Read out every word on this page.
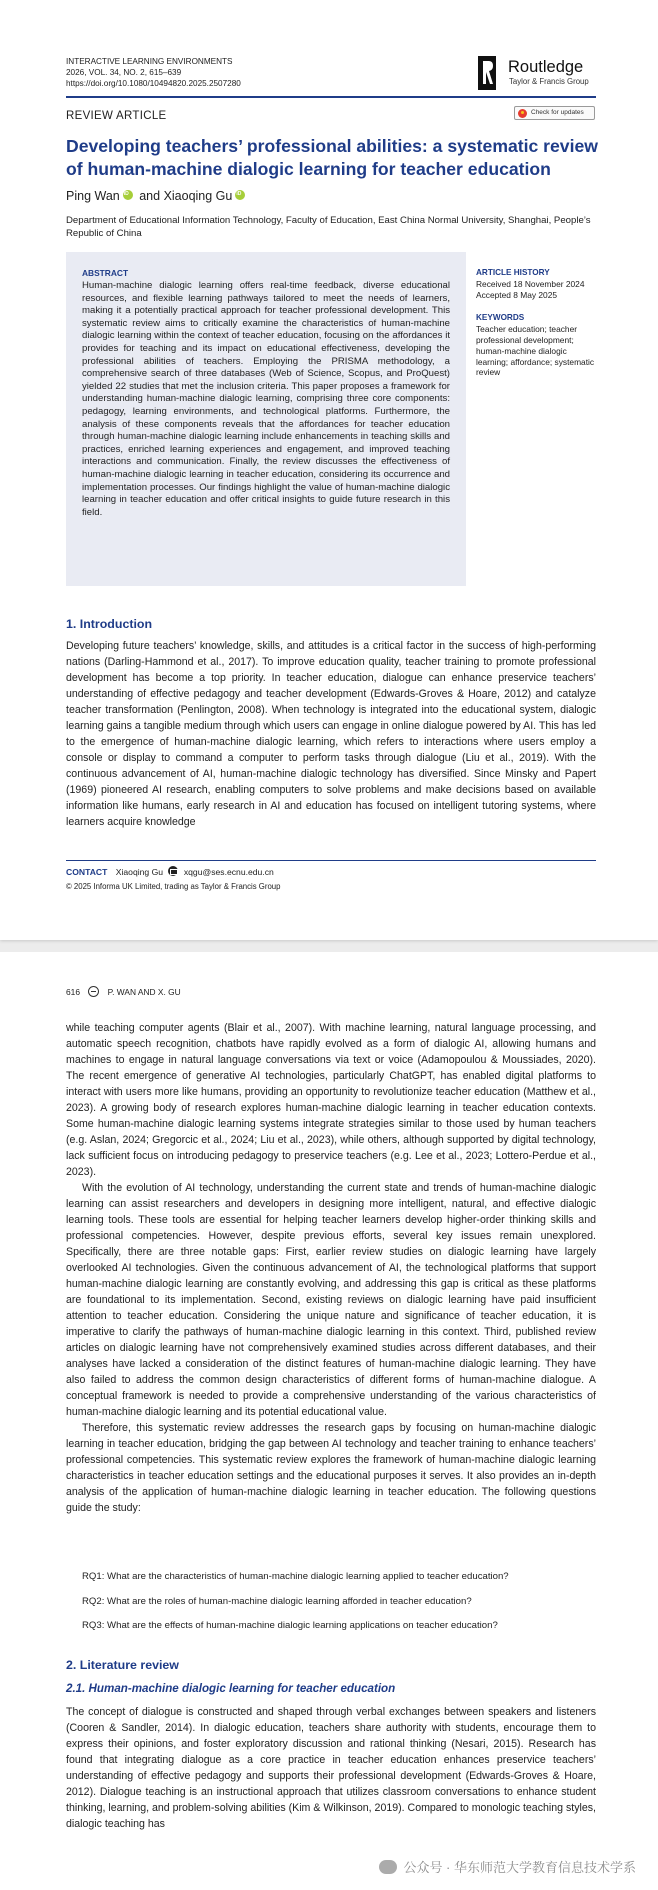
INTERACTIVE LEARNING ENVIRONMENTS
2026, VOL. 34, NO. 2, 615–639
https://doi.org/10.1080/10494820.2025.2507280
Routledge
Taylor & Francis Group
REVIEW ARTICLE	Check for updates
Developing teachers’ professional abilities: a systematic review of human-machine dialogic learning for teacher education
Ping WaniD and Xiaoqing GuiD
Department of Educational Information Technology, Faculty of Education, East China Normal University, Shanghai, People’s Republic of China
ABSTRACT
Human-machine dialogic learning offers real-time feedback, diverse educational resources, and flexible learning pathways tailored to meet the needs of learners, making it a potentially practical approach for teacher professional development. This systematic review aims to critically examine the characteristics of human-machine dialogic learning within the context of teacher education, focusing on the affordances it provides for teaching and its impact on educational effectiveness, developing the professional abilities of teachers. Employing the PRISMA methodology, a comprehensive search of three databases (Web of Science, Scopus, and ProQuest) yielded 22 studies that met the inclusion criteria. This paper proposes a framework for understanding human-machine dialogic learning, comprising three core components: pedagogy, learning environments, and technological platforms. Furthermore, the analysis of these components reveals that the affordances for teacher education through human-machine dialogic learning include enhancements in teaching skills and practices, enriched learning experiences and engagement, and improved teaching interactions and communication. Finally, the review discusses the effectiveness of human-machine dialogic learning in teacher education, considering its occurrence and implementation processes. Our findings highlight the value of human-machine dialogic learning in teacher education and offer critical insights to guide future research in this field.
ARTICLE HISTORY
Received 18 November 2024
Accepted 8 May 2025
KEYWORDS
Teacher education; teacher professional development; human-machine dialogic learning; affordance; systematic review
1. Introduction

Developing future teachers’ knowledge, skills, and attitudes is a critical factor in the success of high-performing nations (Darling-Hammond et al., 2017). To improve education quality, teacher training to promote professional development has become a top priority. In teacher education, dialogue can enhance preservice teachers’ understanding of effective pedagogy and teacher development (Edwards-Groves & Hoare, 2012) and catalyze teacher transformation (Penlington, 2008). When technology is integrated into the educational system, dialogic learning gains a tangible medium through which users can engage in online dialogue powered by AI. This has led to the emergence of human-machine dialogic learning, which refers to interactions where users employ a console or display to command a computer to perform tasks through dialogue (Liu et al., 2019). With the continuous advancement of AI, human-machine dialogic technology has diversified. Since Minsky and Papert (1969) pioneered AI research, enabling computers to solve problems and make decisions based on available information like humans, early research in AI and education has focused on intelligent tutoring systems, where learners acquire knowledge

CONTACT Xiaoqing Gu xqgu@ses.ecnu.edu.cn
© 2025 Informa UK Limited, trading as Taylor & Francis Group
616	P. WAN AND X. GU

while teaching computer agents (Blair et al., 2007). With machine learning, natural language processing, and automatic speech recognition, chatbots have rapidly evolved as a form of dialogic AI, allowing humans and machines to engage in natural language conversations via text or voice (Adamopoulou & Moussiades, 2020). The recent emergence of generative AI technologies, particularly ChatGPT, has enabled digital platforms to interact with users more like humans, providing an opportunity to revolutionize teacher education (Matthew et al., 2023). A growing body of research explores human-machine dialogic learning in teacher education contexts. Some human-machine dialogic learning systems integrate strategies similar to those used by human teachers (e.g. Aslan, 2024; Gregorcic et al., 2024; Liu et al., 2023), while others, although supported by digital technology, lack sufficient focus on introducing pedagogy to preservice teachers (e.g. Lee et al., 2023; Lottero-Perdue et al., 2023).

With the evolution of AI technology, understanding the current state and trends of human-machine dialogic learning can assist researchers and developers in designing more intelligent, natural, and effective dialogic learning tools. These tools are essential for helping teacher learners develop higher-order thinking skills and professional competencies. However, despite previous efforts, several key issues remain unexplored. Specifically, there are three notable gaps: First, earlier review studies on dialogic learning have largely overlooked AI technologies. Given the continuous advancement of AI, the technological platforms that support human-machine dialogic learning are constantly evolving, and addressing this gap is critical as these platforms are foundational to its implementation. Second, existing reviews on dialogic learning have paid insufficient attention to teacher education. Considering the unique nature and significance of teacher education, it is imperative to clarify the pathways of human-machine dialogic learning in this context. Third, published review articles on dialogic learning have not comprehensively examined studies across different databases, and their analyses have lacked a consideration of the distinct features of human-machine dialogic learning. They have also failed to address the common design characteristics of different forms of human-machine dialogue. A conceptual framework is needed to provide a comprehensive understanding of the various characteristics of human-machine dialogic learning and its potential educational value.

Therefore, this systematic review addresses the research gaps by focusing on human-machine dialogic learning in teacher education, bridging the gap between AI technology and teacher training to enhance teachers’ professional competencies. This systematic review explores the framework of human-machine dialogic learning characteristics in teacher education settings and the educational purposes it serves. It also provides an in-depth analysis of the application of human-machine dialogic learning in teacher education. The following questions guide the study:

RQ1: What are the characteristics of human-machine dialogic learning applied to teacher education?
RQ2: What are the roles of human-machine dialogic learning afforded in teacher education?
RQ3: What are the effects of human-machine dialogic learning applications on teacher education?
2. Literature review
2.1. Human-machine dialogic learning for teacher education

The concept of dialogue is constructed and shaped through verbal exchanges between speakers and listeners (Cooren & Sandler, 2014). In dialogic education, teachers share authority with students, encourage them to express their opinions, and foster exploratory discussion and rational thinking (Nesari, 2015). Research has found that integrating dialogue as a core practice in teacher education enhances preservice teachers’ understanding of effective pedagogy and supports their professional development (Edwards-Groves & Hoare, 2012). Dialogue teaching is an instructional approach that utilizes classroom conversations to enhance student thinking, learning, and problem-solving abilities (Kim & Wilkinson, 2019). Compared to monologic teaching styles, dialogic teaching has

公众号 · 华东师范大学教育信息技术学系
